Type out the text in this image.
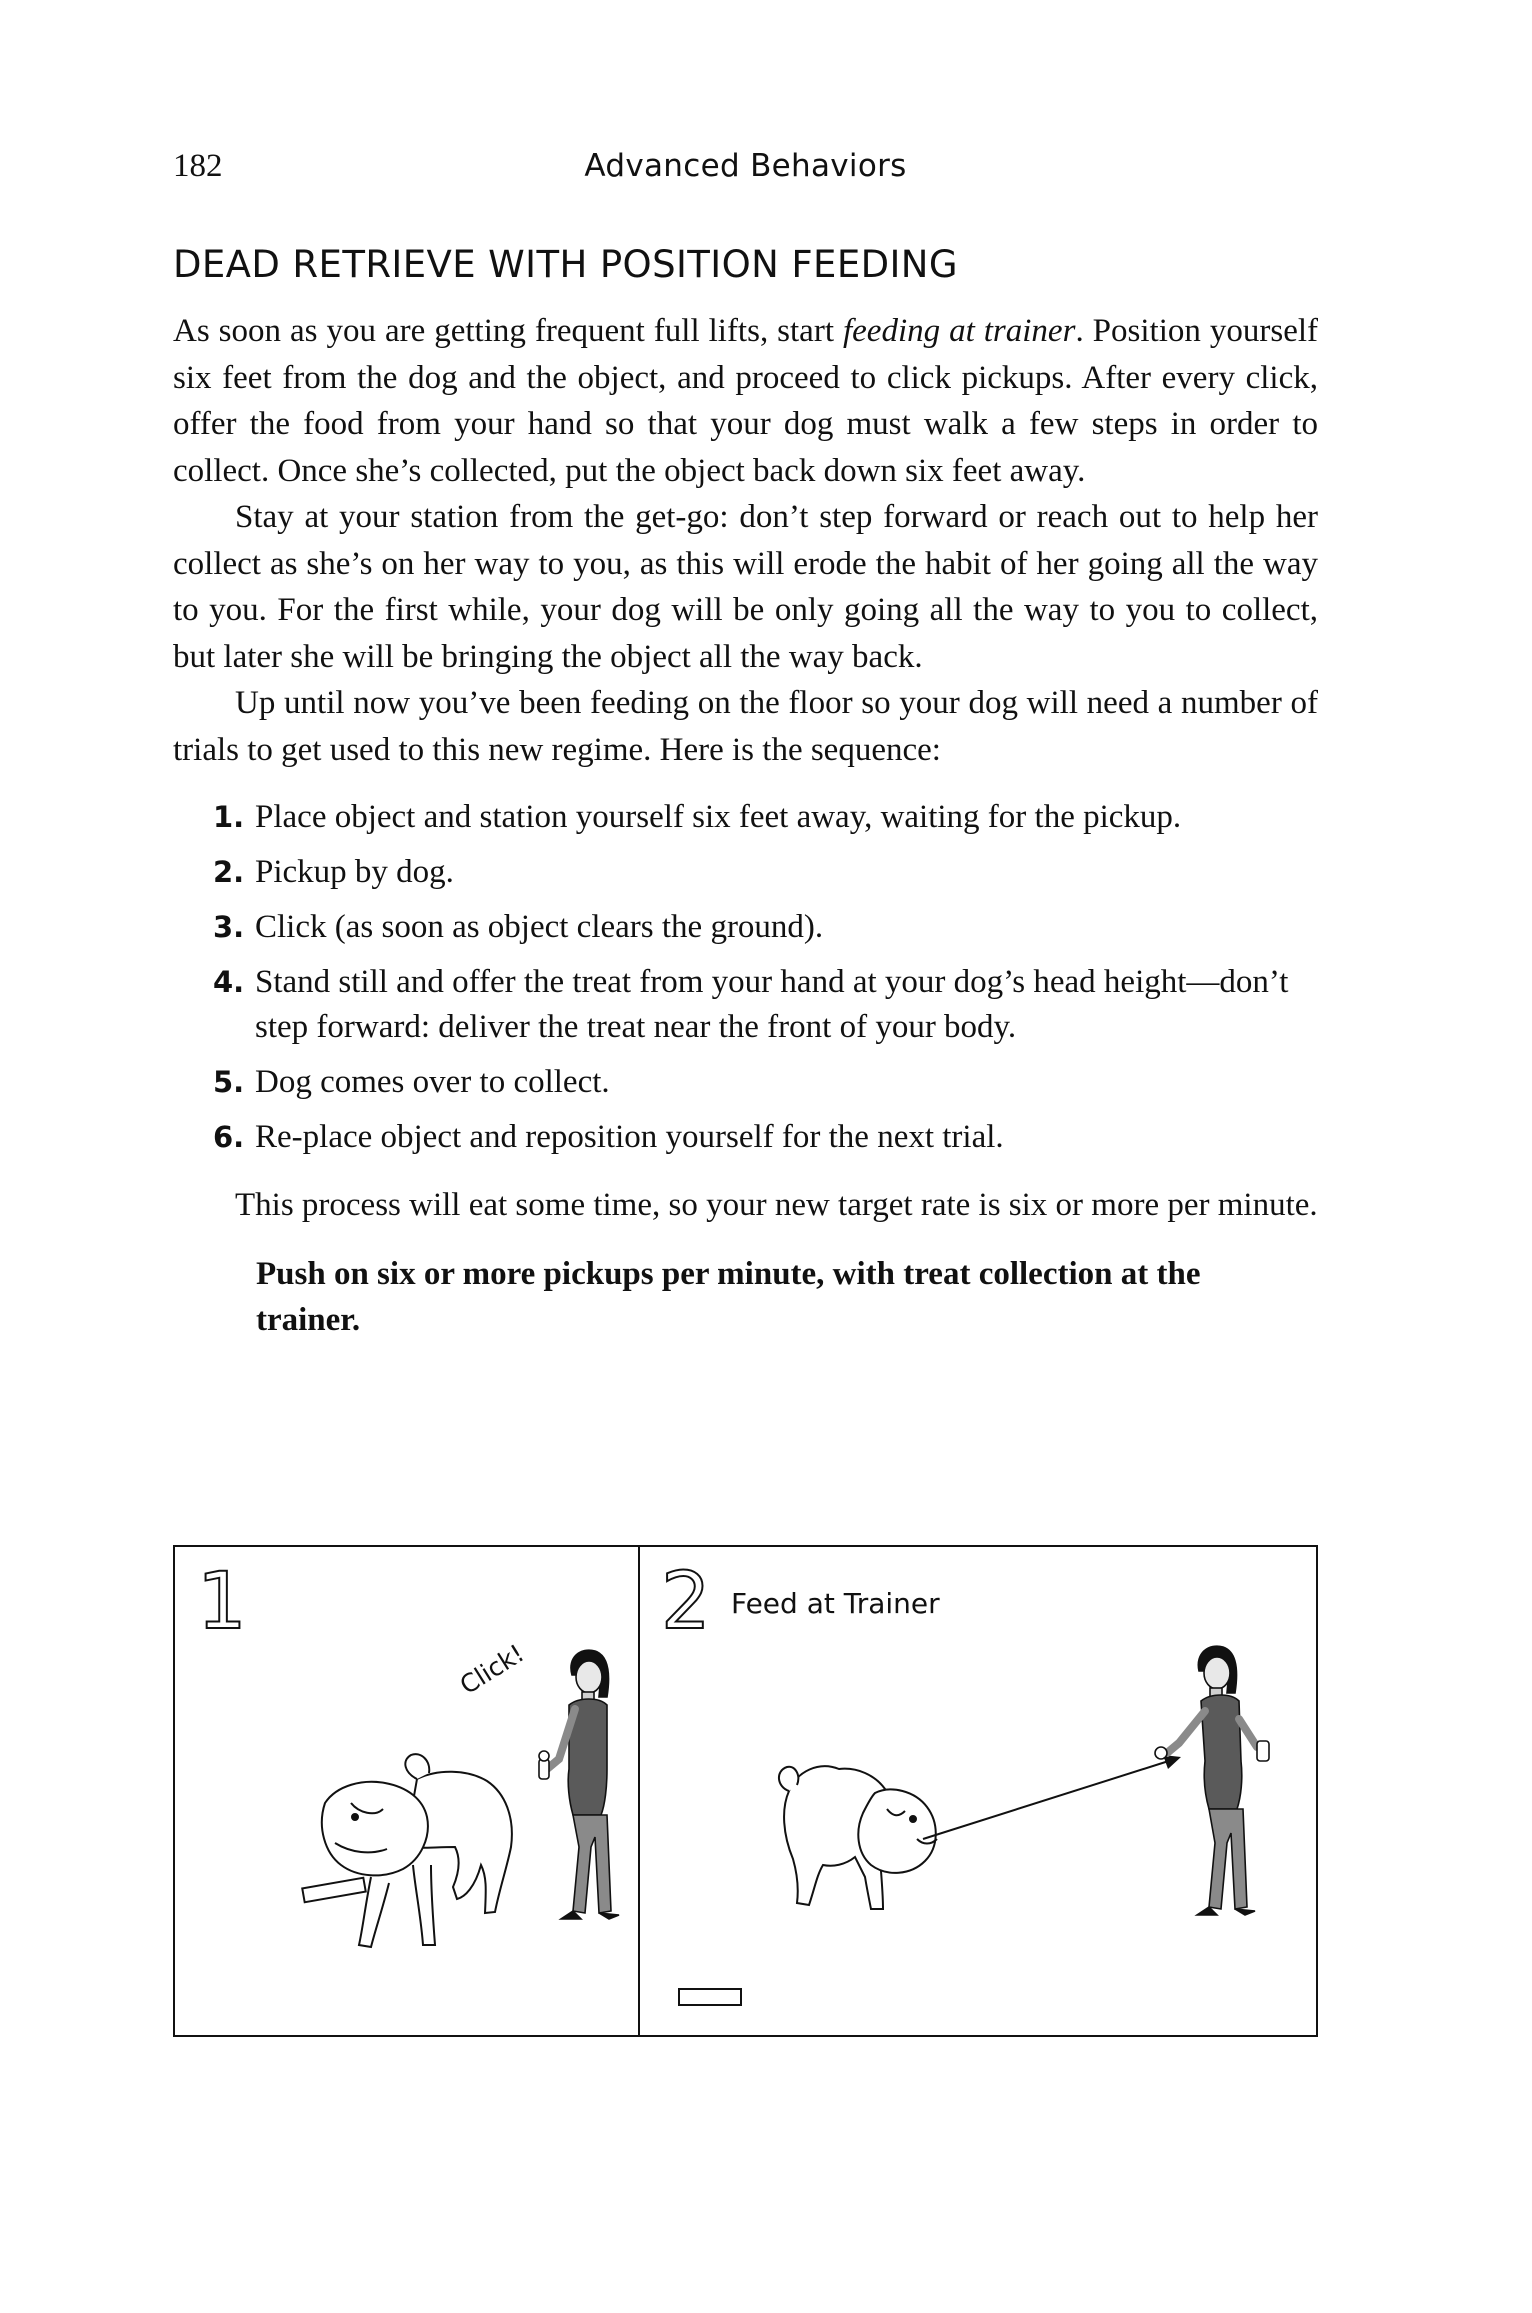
182	Advanced Behaviors
DEAD RETRIEVE WITH POSITION FEEDING

As soon as you are getting frequent full lifts, start feeding at trainer. Position yourself six feet from the dog and the object, and proceed to click pickups. After every click, offer the food from your hand so that your dog must walk a few steps in order to collect. Once she’s collected, put the object back down six feet away.

Stay at your station from the get-go: don’t step forward or reach out to help her collect as she’s on her way to you, as this will erode the habit of her going all the way to you. For the first while, your dog will be only going all the way to you to collect, but later she will be bringing the object all the way back.

Up until now you’ve been feeding on the floor so your dog will need a number of trials to get used to this new regime. Here is the sequence:

1. Place object and station yourself six feet away, waiting for the pickup.
2. Pickup by dog.
3. Click (as soon as object clears the ground).
4. Stand still and offer the treat from your hand at your dog’s head height—don’t step forward: deliver the treat near the front of your body.
5. Dog comes over to collect.
6. Re-place object and reposition yourself for the next trial.

This process will eat some time, so your new target rate is six or more per minute.

Push on six or more pickups per minute, with treat collection at the trainer.

1	2 Feed at Trainer
Click!
